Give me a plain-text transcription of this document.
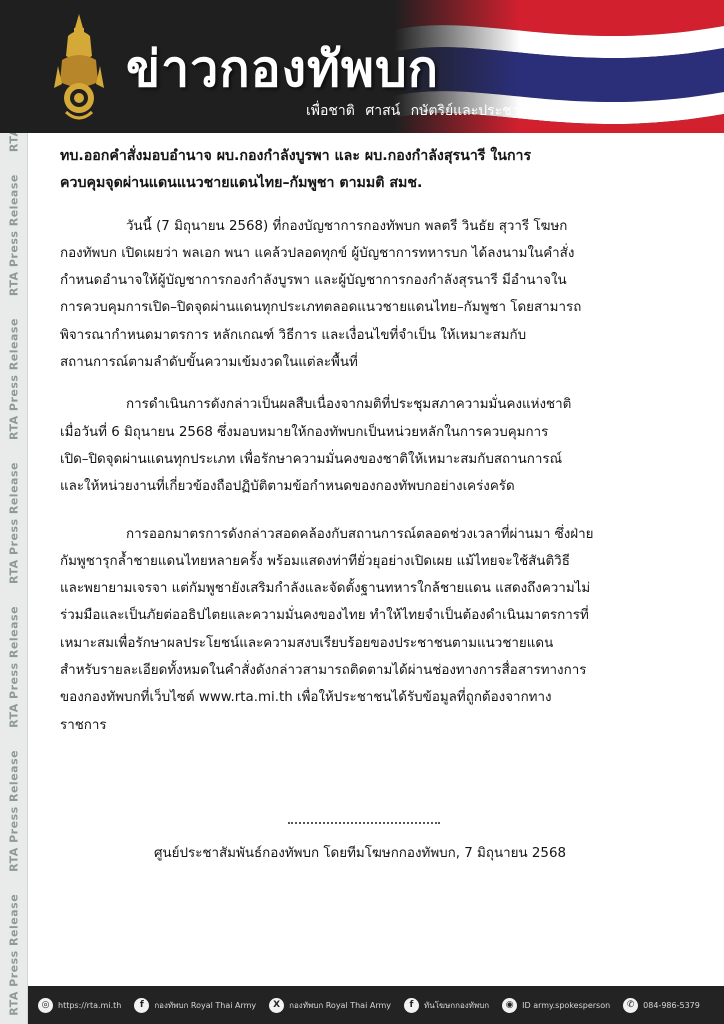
RTA Press ReleaseRTA Press ReleaseRTA Press ReleaseRTA Press ReleaseRTA Press ReleaseRTA Press Release
ข่าวกองทัพบก
เพื่อชาติ ศาสน์ กษัตริย์และประชาชน
ทบ.ออกคำสั่งมอบอำนาจ ผบ.กองกำลังบูรพา และ ผบ.กองกำลังสุรนารี ในการ
ควบคุมจุดผ่านแดนแนวชายแดนไทย–กัมพูชา ตามมติ สมช.
วันนี้ (7 มิถุนายน 2568) ที่กองบัญชาการกองทัพบก พลตรี วินธัย สุวารี โฆษก
กองทัพบก เปิดเผยว่า พลเอก พนา แคล้วปลอดทุกข์ ผู้บัญชาการทหารบก ได้ลงนามในคำสั่ง
กำหนดอำนาจให้ผู้บัญชาการกองกำลังบูรพา และผู้บัญชาการกองกำลังสุรนารี มีอำนาจใน
การควบคุมการเปิด–ปิดจุดผ่านแดนทุกประเภทตลอดแนวชายแดนไทย–กัมพูชา โดยสามารถ
พิจารณากำหนดมาตรการ หลักเกณฑ์ วิธีการ และเงื่อนไขที่จำเป็น ให้เหมาะสมกับ
สถานการณ์ตามลำดับขั้นความเข้มงวดในแต่ละพื้นที่
การดำเนินการดังกล่าวเป็นผลสืบเนื่องจากมติที่ประชุมสภาความมั่นคงแห่งชาติ
เมื่อวันที่ 6 มิถุนายน 2568 ซึ่งมอบหมายให้กองทัพบกเป็นหน่วยหลักในการควบคุมการ
เปิด–ปิดจุดผ่านแดนทุกประเภท เพื่อรักษาความมั่นคงของชาติให้เหมาะสมกับสถานการณ์
และให้หน่วยงานที่เกี่ยวข้องถือปฏิบัติตามข้อกำหนดของกองทัพบกอย่างเคร่งครัด
การออกมาตรการดังกล่าวสอดคล้องกับสถานการณ์ตลอดช่วงเวลาที่ผ่านมา ซึ่งฝ่าย
กัมพูชารุกล้ำชายแดนไทยหลายครั้ง พร้อมแสดงท่าทียั่วยุอย่างเปิดเผย แม้ไทยจะใช้สันติวิธี
และพยายามเจรจา แต่กัมพูชายังเสริมกำลังและจัดตั้งฐานทหารใกล้ชายแดน แสดงถึงความไม่
ร่วมมือและเป็นภัยต่ออธิปไตยและความมั่นคงของไทย ทำให้ไทยจำเป็นต้องดำเนินมาตรการที่
เหมาะสมเพื่อรักษาผลประโยชน์และความสงบเรียบร้อยของประชาชนตามแนวชายแดน
สำหรับรายละเอียดทั้งหมดในคำสั่งดังกล่าวสามารถติดตามได้ผ่านช่องทางการสื่อสารทางการ
ของกองทัพบกที่เว็บไซต์ www.rta.mi.th เพื่อให้ประชาชนได้รับข้อมูลที่ถูกต้องจากทาง
ราชการ
ศูนย์ประชาสัมพันธ์กองทัพบก โดยทีมโฆษกกองทัพบก, 7 มิถุนายน 2568
◎	https://rta.mi.th	f	กองทัพบก Royal Thai Army	X	กองทัพบก Royal Thai Army	f	ทันโฆษกกองทัพบก	◉	ID army.spokesperson	✆	084-986-5379
